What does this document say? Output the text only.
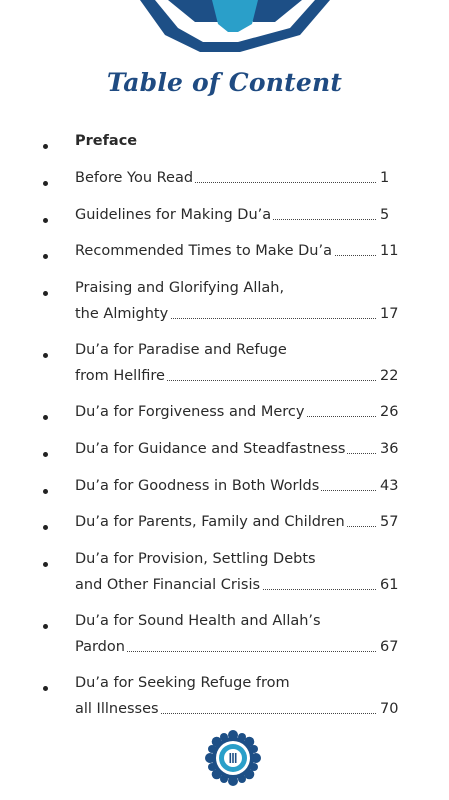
Table of Content
Preface
Before You Read	1
Guidelines for Making Du’a	5
Recommended Times to Make Du’a	11
Praising and Glorifying Allah,
the Almighty	17
Du’a for Paradise and Refuge
from Hellfire	22
Du’a for Forgiveness and Mercy	26
Du’a for Guidance and Steadfastness 36
Du’a for Goodness in Both Worlds	43
Du’a for Parents, Family and Children 57
Du’a for Provision, Settling Debts
and Other Financial Crisis	61
Du’a for Sound Health and Allah’s
Pardon	67
Du’a for Seeking Refuge from
all Illnesses	70
